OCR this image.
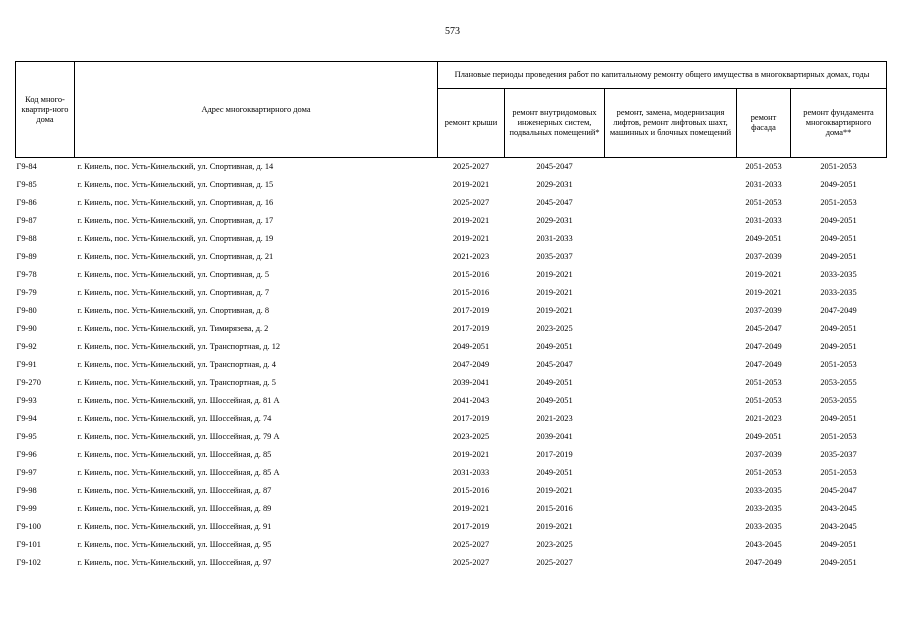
573
Код много-квартир-ного дома	Адрес многоквартирного дома	Плановые периоды проведения работ по капитальному ремонту общего имущества в многоквартирных домах, годы				
		ремонт крыши	ремонт внутридомовых инженерных систем, подвальных помещений*	ремонт, замена, модернизация лифтов, ремонт лифтовых шахт, машинных и блочных помещений	ремонт фасада	ремонт фундамента многоквартирного дома**
Г9-84	г. Кинель, пос. Усть-Кинельский, ул. Спортивная, д. 14	2025-2027	2045-2047		2051-2053	2051-2053
Г9-85	г. Кинель, пос. Усть-Кинельский, ул. Спортивная, д. 15	2019-2021	2029-2031		2031-2033	2049-2051
Г9-86	г. Кинель, пос. Усть-Кинельский, ул. Спортивная, д. 16	2025-2027	2045-2047		2051-2053	2051-2053
Г9-87	г. Кинель, пос. Усть-Кинельский, ул. Спортивная, д. 17	2019-2021	2029-2031		2031-2033	2049-2051
Г9-88	г. Кинель, пос. Усть-Кинельский, ул. Спортивная, д. 19	2019-2021	2031-2033		2049-2051	2049-2051
Г9-89	г. Кинель, пос. Усть-Кинельский, ул. Спортивная, д. 21	2021-2023	2035-2037		2037-2039	2049-2051
Г9-78	г. Кинель, пос. Усть-Кинельский, ул. Спортивная, д. 5	2015-2016	2019-2021		2019-2021	2033-2035
Г9-79	г. Кинель, пос. Усть-Кинельский, ул. Спортивная, д. 7	2015-2016	2019-2021		2019-2021	2033-2035
Г9-80	г. Кинель, пос. Усть-Кинельский, ул. Спортивная, д. 8	2017-2019	2019-2021		2037-2039	2047-2049
Г9-90	г. Кинель, пос. Усть-Кинельский, ул. Тимирязева, д. 2	2017-2019	2023-2025		2045-2047	2049-2051
Г9-92	г. Кинель, пос. Усть-Кинельский, ул. Транспортная, д. 12	2049-2051	2049-2051		2047-2049	2049-2051
Г9-91	г. Кинель, пос. Усть-Кинельский, ул. Транспортная, д. 4	2047-2049	2045-2047		2047-2049	2051-2053
Г9-270	г. Кинель, пос. Усть-Кинельский, ул. Транспортная, д. 5	2039-2041	2049-2051		2051-2053	2053-2055
Г9-93	г. Кинель, пос. Усть-Кинельский, ул. Шоссейная, д. 81 А	2041-2043	2049-2051		2051-2053	2053-2055
Г9-94	г. Кинель, пос. Усть-Кинельский, ул. Шоссейная, д. 74	2017-2019	2021-2023		2021-2023	2049-2051
Г9-95	г. Кинель, пос. Усть-Кинельский, ул. Шоссейная, д. 79 А	2023-2025	2039-2041		2049-2051	2051-2053
Г9-96	г. Кинель, пос. Усть-Кинельский, ул. Шоссейная, д. 85	2019-2021	2017-2019		2037-2039	2035-2037
Г9-97	г. Кинель, пос. Усть-Кинельский, ул. Шоссейная, д. 85 А	2031-2033	2049-2051		2051-2053	2051-2053
Г9-98	г. Кинель, пос. Усть-Кинельский, ул. Шоссейная, д. 87	2015-2016	2019-2021		2033-2035	2045-2047
Г9-99	г. Кинель, пос. Усть-Кинельский, ул. Шоссейная, д. 89	2019-2021	2015-2016		2033-2035	2043-2045
Г9-100	г. Кинель, пос. Усть-Кинельский, ул. Шоссейная, д. 91	2017-2019	2019-2021		2033-2035	2043-2045
Г9-101	г. Кинель, пос. Усть-Кинельский, ул. Шоссейная, д. 95	2025-2027	2023-2025		2043-2045	2049-2051
Г9-102	г. Кинель, пос. Усть-Кинельский, ул. Шоссейная, д. 97	2025-2027	2025-2027		2047-2049	2049-2051
